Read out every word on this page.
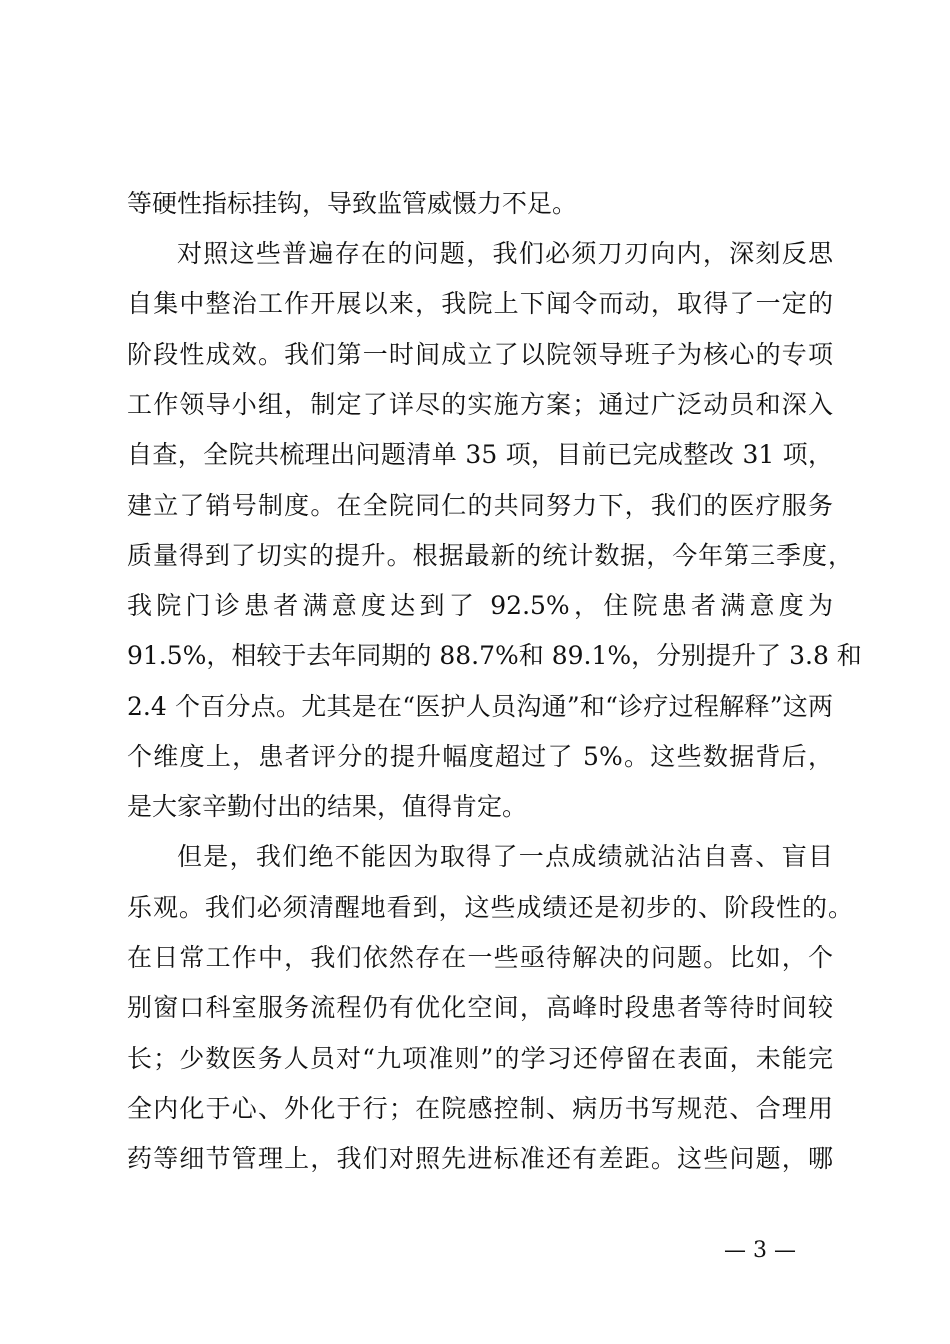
等硬性指标挂钩，导致监管威慑力不足。
对照这些普遍存在的问题，我们必须刀刃向内，深刻反思
自集中整治工作开展以来，我院上下闻令而动，取得了一定的
阶段性成效。我们第一时间成立了以院领导班子为核心的专项
工作领导小组，制定了详尽的实施方案；通过广泛动员和深入
自查，全院共梳理出问题清单 35 项，目前已完成整改 31 项，
建立了销号制度。在全院同仁的共同努力下，我们的医疗服务
质量得到了切实的提升。根据最新的统计数据，今年第三季度，
我院门诊患者满意度达到了 92.5%，住院患者满意度为
91.5%，相较于去年同期的 88.7%和 89.1%，分别提升了 3.8 和
2.4 个百分点。尤其是在“医护人员沟通”和“诊疗过程解释”这两
个维度上，患者评分的提升幅度超过了 5%。这些数据背后，
是大家辛勤付出的结果，值得肯定。
但是，我们绝不能因为取得了一点成绩就沾沾自喜、盲目
乐观。我们必须清醒地看到，这些成绩还是初步的、阶段性的。
在日常工作中，我们依然存在一些亟待解决的问题。比如，个
别窗口科室服务流程仍有优化空间，高峰时段患者等待时间较
长；少数医务人员对“九项准则”的学习还停留在表面，未能完
全内化于心、外化于行；在院感控制、病历书写规范、合理用
药等细节管理上，我们对照先进标准还有差距。这些问题，哪
— 3 —
